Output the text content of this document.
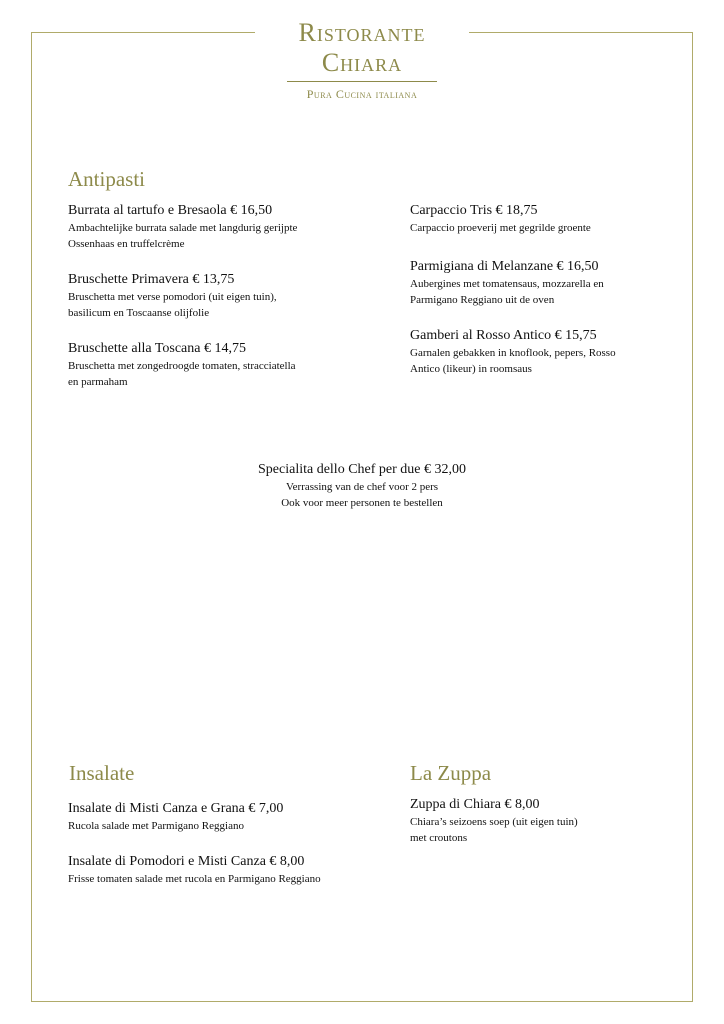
Ristorante
Chiara
Pura Cucina italiana
Antipasti
Burrata al tartufo e Bresaola € 16,50
Ambachtelijke burrata salade met langdurig gerijpte
Ossenhaas en truffelcrème
Bruschette Primavera € 13,75
Bruschetta met verse pomodori (uit eigen tuin),
basilicum en Toscaanse olijfolie
Bruschette alla Toscana € 14,75
Bruschetta met zongedroogde tomaten, stracciatella
en parmaham
Carpaccio Tris € 18,75
Carpaccio proeverij met gegrilde groente
Parmigiana di Melanzane € 16,50
Aubergines met tomatensaus, mozzarella en
Parmigano Reggiano uit de oven
Gamberi al Rosso Antico € 15,75
Garnalen gebakken in knoflook, pepers, Rosso
Antico (likeur) in roomsaus
Specialita dello Chef per due € 32,00
Verrassing van de chef voor 2 pers
Ook voor meer personen te bestellen
Insalate
Insalate di Misti Canza e Grana € 7,00
Rucola salade met Parmigano Reggiano
Insalate di Pomodori e Misti Canza € 8,00
Frisse tomaten salade met rucola en Parmigano Reggiano
La Zuppa
Zuppa di Chiara € 8,00
Chiara’s seizoens soep (uit eigen tuin)
met croutons
